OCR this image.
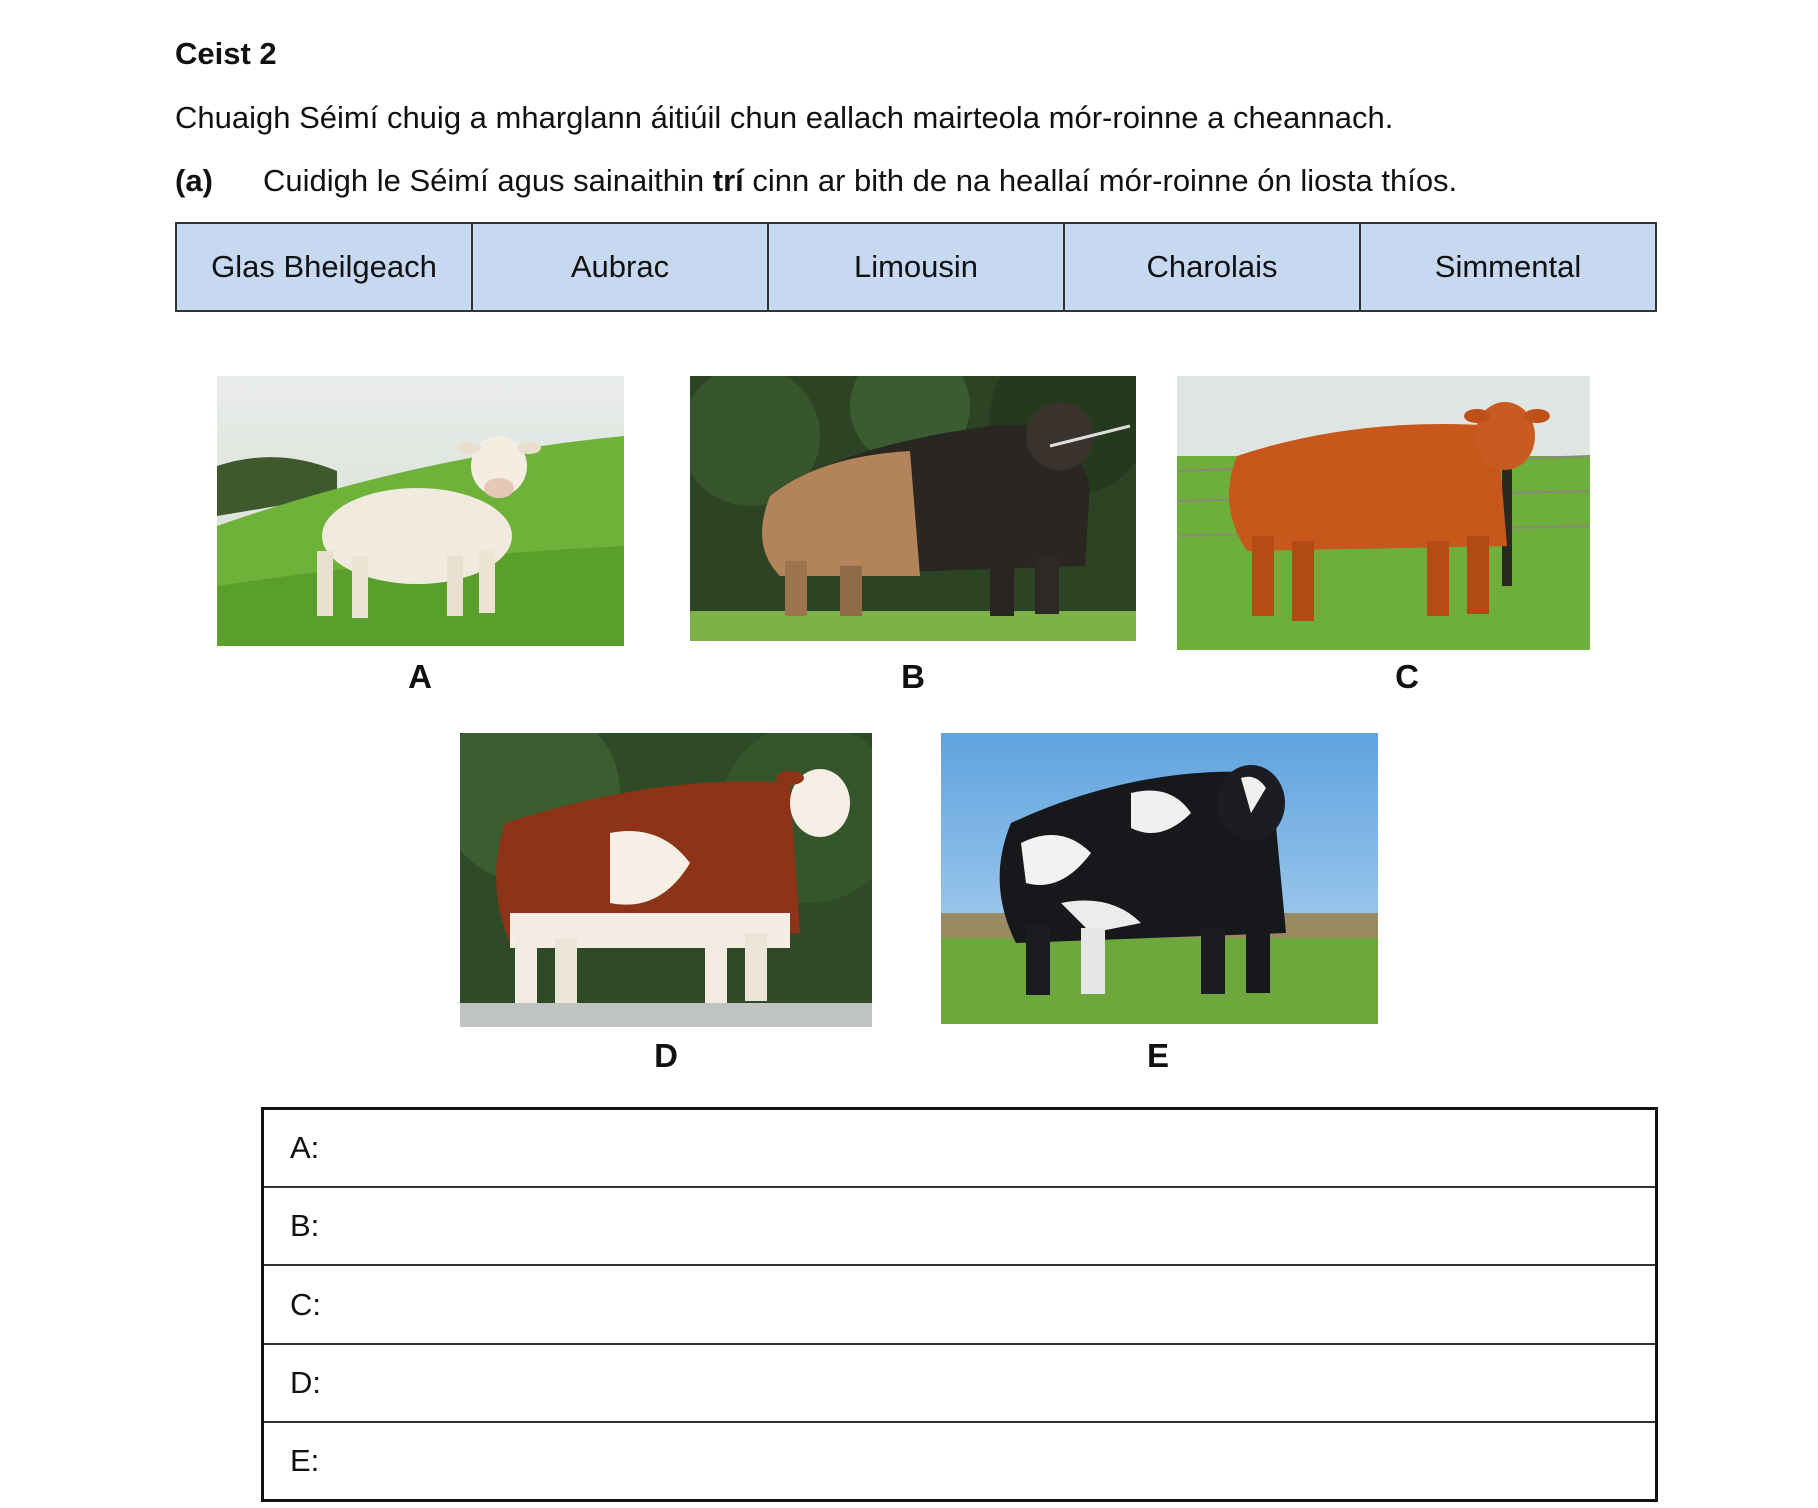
Ceist 2
Chuaigh Séimí chuig a mharglann áitiúil chun eallach mairteola mór-roinne a cheannach.
(a)	Cuidigh le Séimí agus sainaithin trí cinn ar bith de na heallaí mór-roinne ón liosta thíos.
Glas Bheilgeach	Aubrac	Limousin	Charolais	Simmental
A	B	C
D	E
A:
B:
C:
D:
E:
